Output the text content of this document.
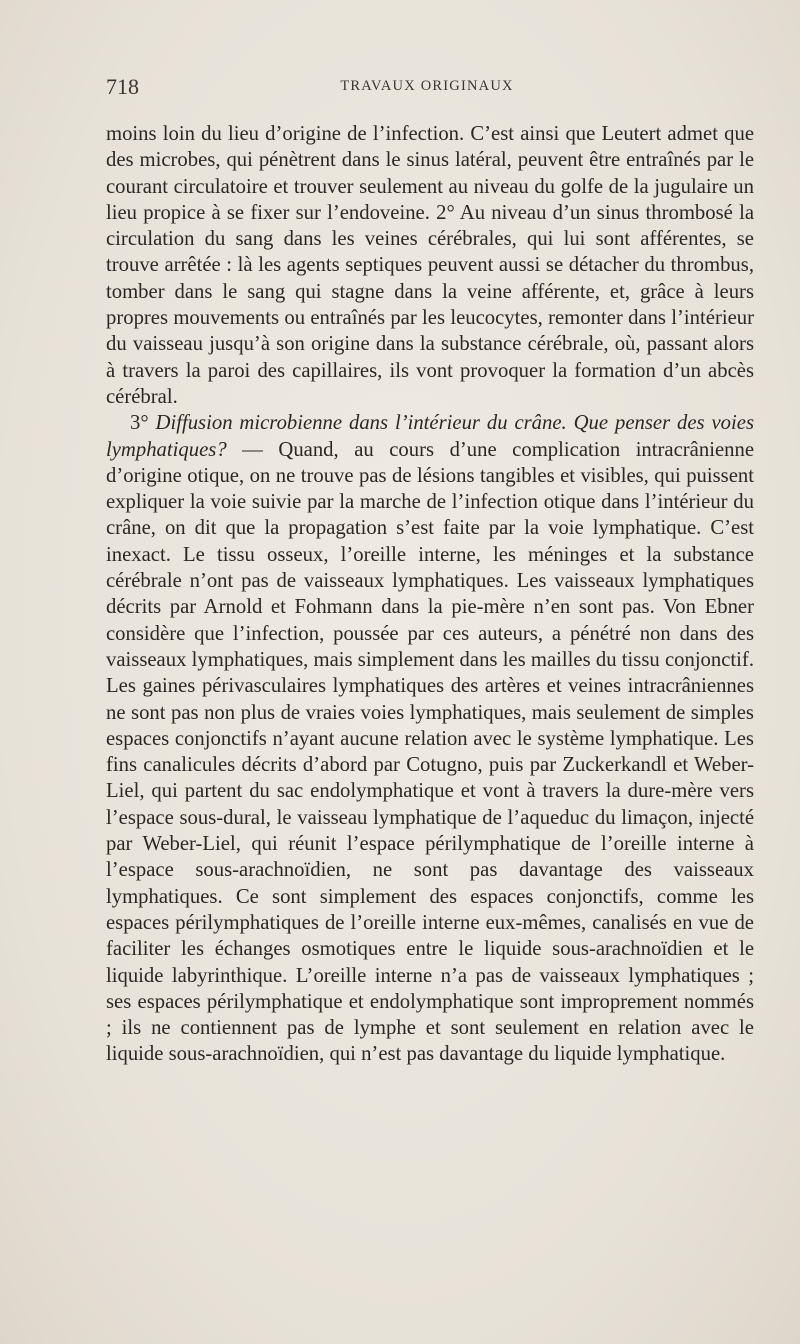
718	TRAVAUX ORIGINAUX

moins loin du lieu d’origine de l’infection. C’est ainsi que Leutert admet que des microbes, qui pénètrent dans le sinus latéral, peuvent être entraînés par le courant circulatoire et trouver seulement au niveau du golfe de la jugulaire un lieu propice à se fixer sur l’endoveine. 2° Au niveau d’un sinus thrombosé la circulation du sang dans les veines cérébrales, qui lui sont afférentes, se trouve arrêtée : là les agents septiques peuvent aussi se détacher du thrombus, tomber dans le sang qui stagne dans la veine afférente, et, grâce à leurs propres mouvements ou entraînés par les leucocytes, remonter dans l’intérieur du vaisseau jusqu’à son origine dans la substance cérébrale, où, passant alors à travers la paroi des capillaires, ils vont provoquer la formation d’un abcès cérébral.

3° Diffusion microbienne dans l’intérieur du crâne. Que penser des voies lymphatiques? — Quand, au cours d’une complication intracrânienne d’origine otique, on ne trouve pas de lésions tangibles et visibles, qui puissent expliquer la voie suivie par la marche de l’infection otique dans l’intérieur du crâne, on dit que la propagation s’est faite par la voie lymphatique. C’est inexact. Le tissu osseux, l’oreille interne, les méninges et la substance cérébrale n’ont pas de vaisseaux lymphatiques. Les vaisseaux lymphatiques décrits par Arnold et Fohmann dans la pie-mère n’en sont pas. Von Ebner considère que l’infection, poussée par ces auteurs, a pénétré non dans des vaisseaux lymphatiques, mais simplement dans les mailles du tissu conjonctif. Les gaines périvasculaires lymphatiques des artères et veines intracrâniennes ne sont pas non plus de vraies voies lymphatiques, mais seulement de simples espaces conjonctifs n’ayant aucune relation avec le système lymphatique. Les fins canalicules décrits d’abord par Cotugno, puis par Zuckerkandl et Weber-Liel, qui partent du sac endolymphatique et vont à travers la dure-mère vers l’espace sous-dural, le vaisseau lymphatique de l’aqueduc du limaçon, injecté par Weber-Liel, qui réunit l’espace périlymphatique de l’oreille interne à l’espace sous-arachnoïdien, ne sont pas davantage des vaisseaux lymphatiques. Ce sont simplement des espaces conjonctifs, comme les espaces périlymphatiques de l’oreille interne eux-mêmes, canalisés en vue de faciliter les échanges osmotiques entre le liquide sous-arachnoïdien et le liquide labyrinthique. L’oreille interne n’a pas de vaisseaux lymphatiques ; ses espaces périlymphatique et endolymphatique sont improprement nommés ; ils ne contiennent pas de lymphe et sont seulement en relation avec le liquide sous-arachnoïdien, qui n’est pas davantage du liquide lymphatique.
